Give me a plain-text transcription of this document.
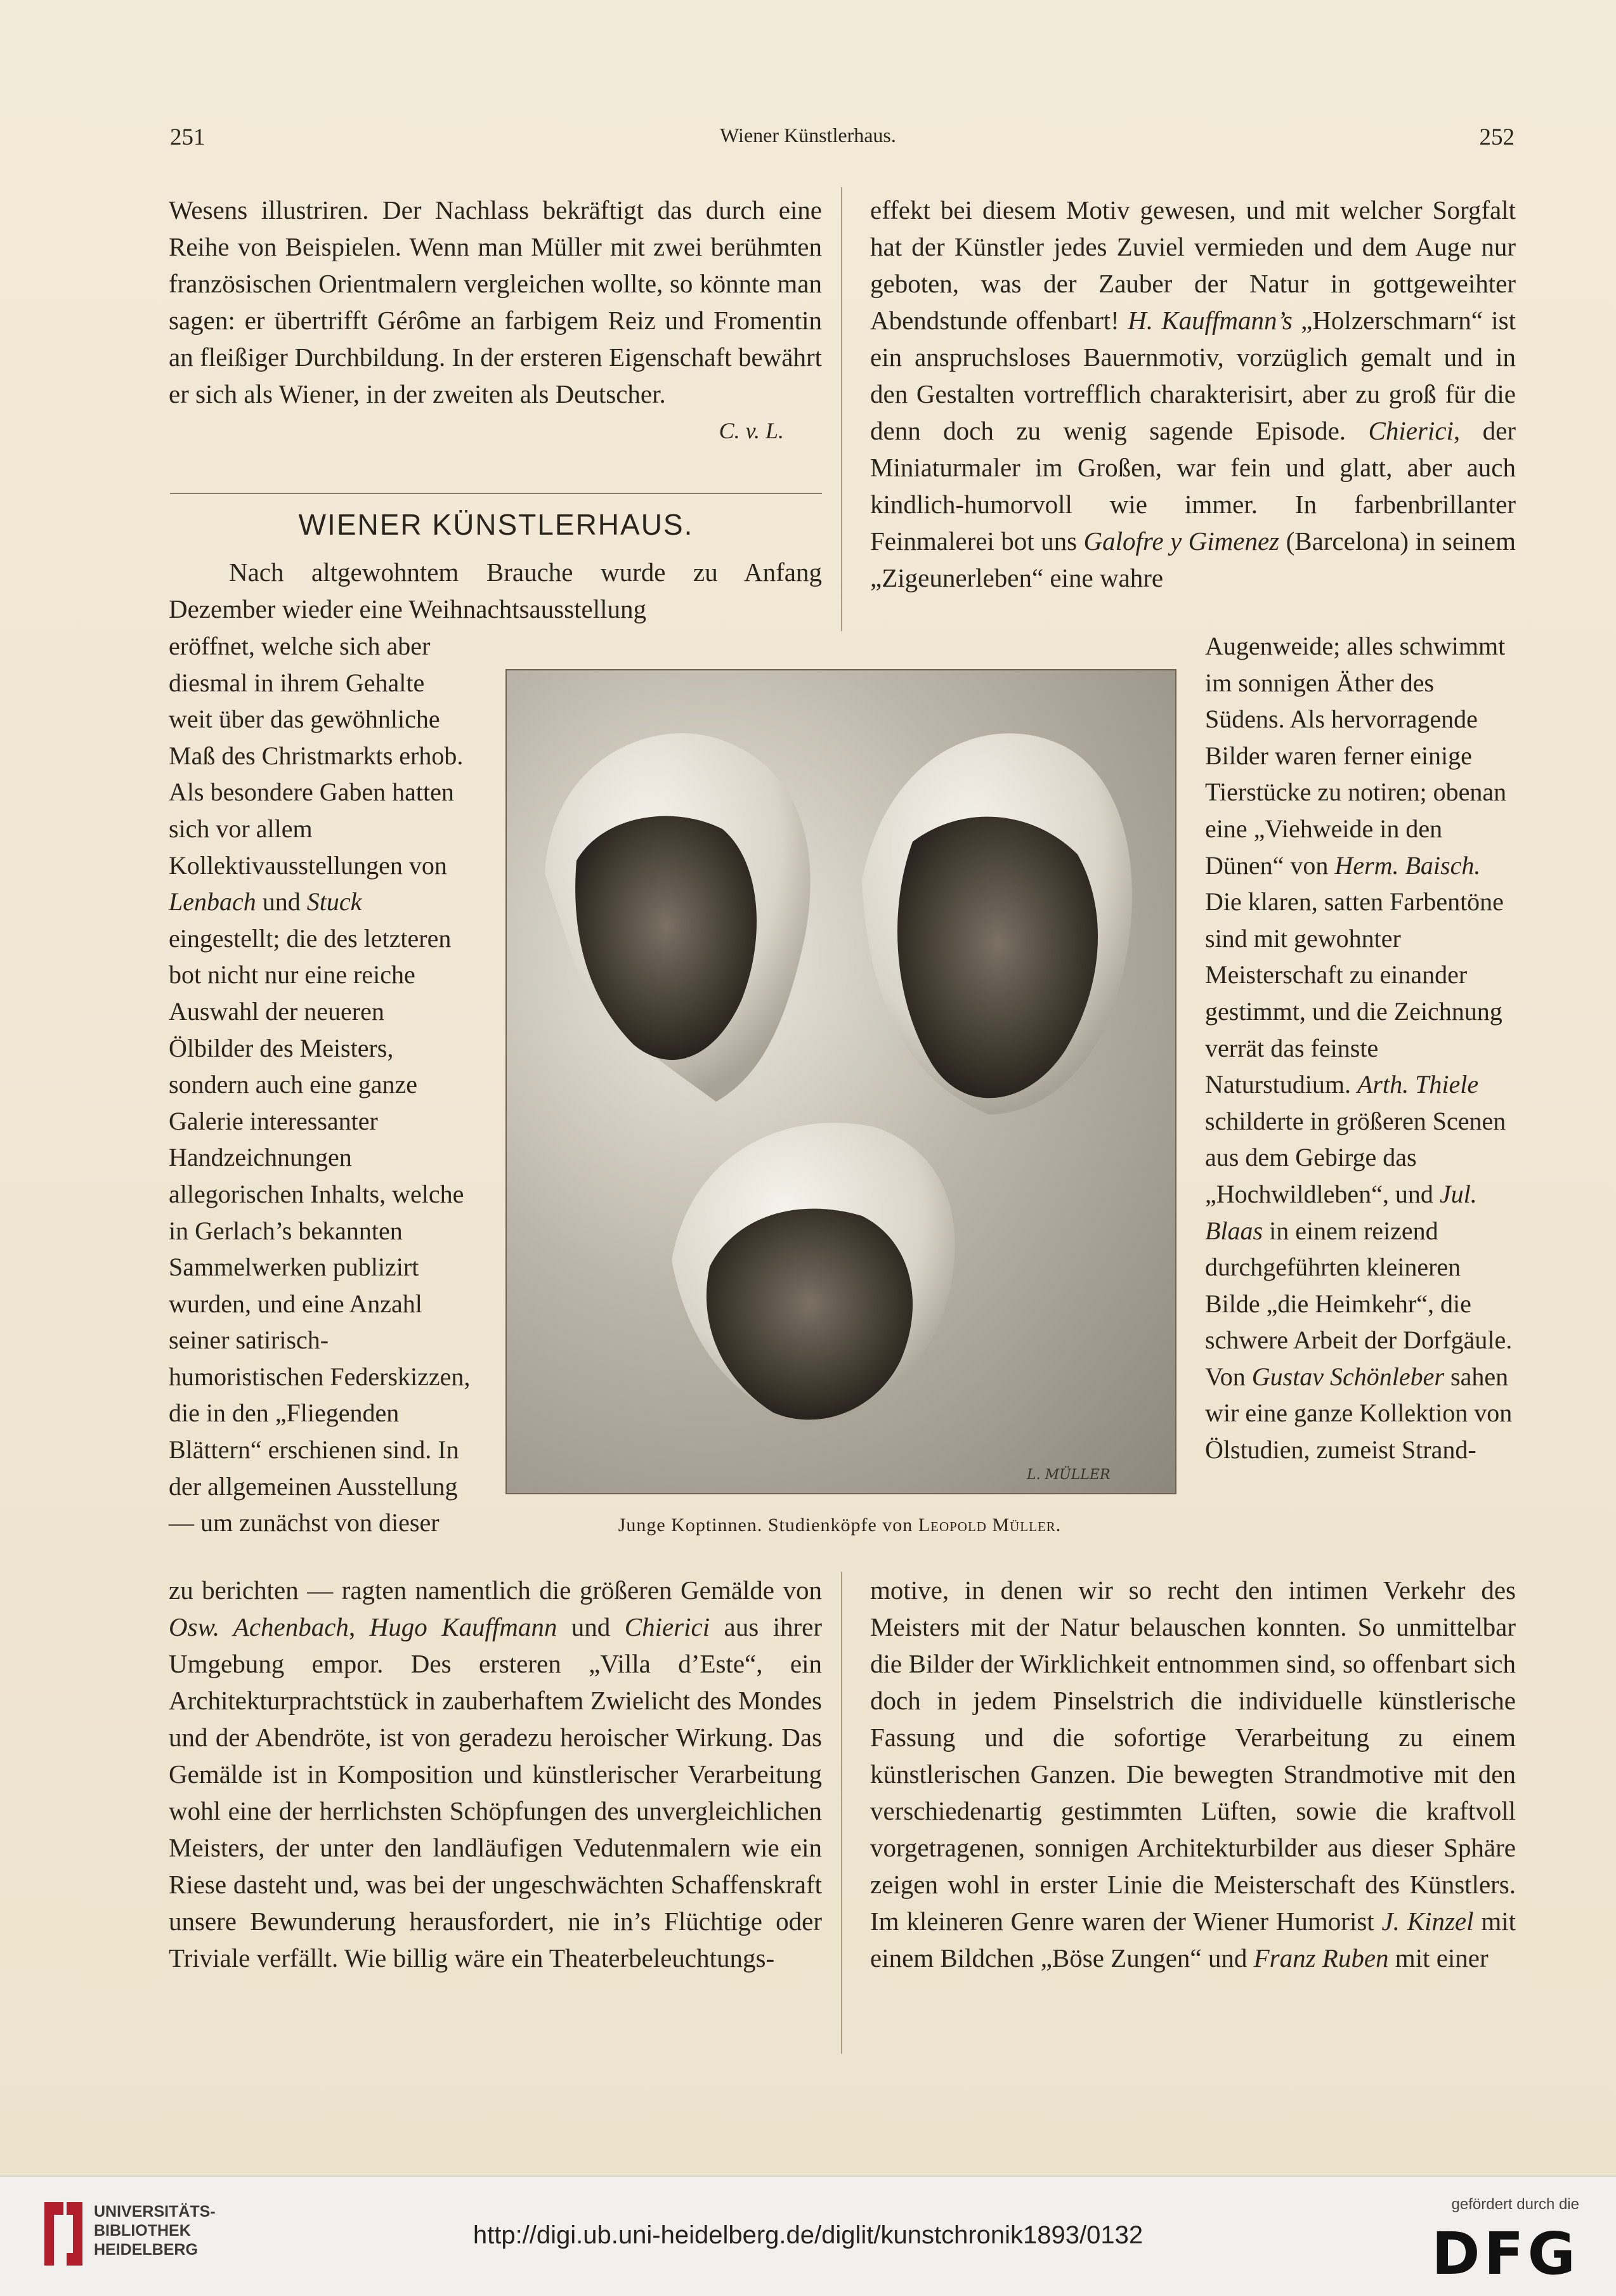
251	Wiener Künstlerhaus.	252

Wesens illustriren. Der Nachlass bekräftigt das durch eine Reihe von Beispielen. Wenn man Müller mit zwei berühmten französischen Orientmalern vergleichen wollte, so könnte man sagen: er übertrifft Gérôme an farbigem Reiz und Fromentin an fleißiger Durchbildung. In der ersteren Eigenschaft bewährt er sich als Wiener, in der zweiten als Deutscher.

C. v. L.

WIENER KÜNSTLERHAUS.

Nach altgewohntem Brauche wurde zu Anfang Dezember wieder eine Weihnachtsausstellung

eröffnet, welche sich aber diesmal in ihrem Gehalte weit über das gewöhnliche Maß des Christmarkts erhob. Als besondere Gaben hatten sich vor allem Kollektivausstellungen von Lenbach und Stuck eingestellt; die des letzteren bot nicht nur eine reiche Auswahl der neueren Ölbilder des Meisters, sondern auch eine ganze Galerie interessanter Handzeichnungen allegorischen Inhalts, welche in Gerlach’s bekannten Sammelwerken publizirt wurden, und eine Anzahl seiner satirisch-humoristischen Federskizzen, die in den „Fliegenden Blättern“ erschienen sind. In der allgemeinen Ausstellung — um zunächst von dieser

L. MÜLLER
Junge Koptinnen. Studienköpfe von Leopold Müller.

Augenweide; alles schwimmt im sonnigen Äther des Südens. Als hervorragende Bilder waren ferner einige Tierstücke zu notiren; obenan eine „Viehweide in den Dünen“ von Herm. Baisch. Die klaren, satten Farbentöne sind mit gewohnter Meisterschaft zu einander gestimmt, und die Zeichnung verrät das feinste Naturstudium. Arth. Thiele schilderte in größeren Scenen aus dem Gebirge das „Hochwildleben“, und Jul. Blaas in einem reizend durchgeführten kleineren Bilde „die Heimkehr“, die schwere Arbeit der Dorfgäule. Von Gustav Schönleber sahen wir eine ganze Kollektion von Ölstudien, zumeist Strand-

zu berichten — ragten namentlich die größeren Gemälde von Osw. Achenbach, Hugo Kauffmann und Chierici aus ihrer Umgebung empor. Des ersteren „Villa d’Este“, ein Architekturprachtstück in zauberhaftem Zwielicht des Mondes und der Abendröte, ist von geradezu heroischer Wirkung. Das Gemälde ist in Komposition und künstlerischer Verarbeitung wohl eine der herrlichsten Schöpfungen des unvergleichlichen Meisters, der unter den landläufigen Vedutenmalern wie ein Riese dasteht und, was bei der ungeschwächten Schaffenskraft unsere Bewunderung herausfordert, nie in’s Flüchtige oder Triviale verfällt. Wie billig wäre ein Theaterbeleuchtungs-

effekt bei diesem Motiv gewesen, und mit welcher Sorgfalt hat der Künstler jedes Zuviel vermieden und dem Auge nur geboten, was der Zauber der Natur in gottgeweihter Abendstunde offenbart! H. Kauffmann’s „Holzerschmarn“ ist ein anspruchsloses Bauernmotiv, vorzüglich gemalt und in den Gestalten vortrefflich charakterisirt, aber zu groß für die denn doch zu wenig sagende Episode. Chierici, der Miniaturmaler im Großen, war fein und glatt, aber auch kindlich-humorvoll wie immer. In farbenbrillanter Feinmalerei bot uns Galofre y Gimenez (Barcelona) in seinem „Zigeunerleben“ eine wahre

motive, in denen wir so recht den intimen Verkehr des Meisters mit der Natur belauschen konnten. So unmittelbar die Bilder der Wirklichkeit entnommen sind, so offenbart sich doch in jedem Pinselstrich die individuelle künstlerische Fassung und die sofortige Verarbeitung zu einem künstlerischen Ganzen. Die bewegten Strandmotive mit den verschiedenartig gestimmten Lüften, sowie die kraftvoll vorgetragenen, sonnigen Architekturbilder aus dieser Sphäre zeigen wohl in erster Linie die Meisterschaft des Künstlers. Im kleineren Genre waren der Wiener Humorist J. Kinzel mit einem Bildchen „Böse Zungen“ und Franz Ruben mit einer

UNIVERSITÄTS-
BIBLIOTHEK
HEIDELBERG
http://digi.ub.uni-heidelberg.de/diglit/kunstchronik1893/0132
gefördert durch die
DFG
